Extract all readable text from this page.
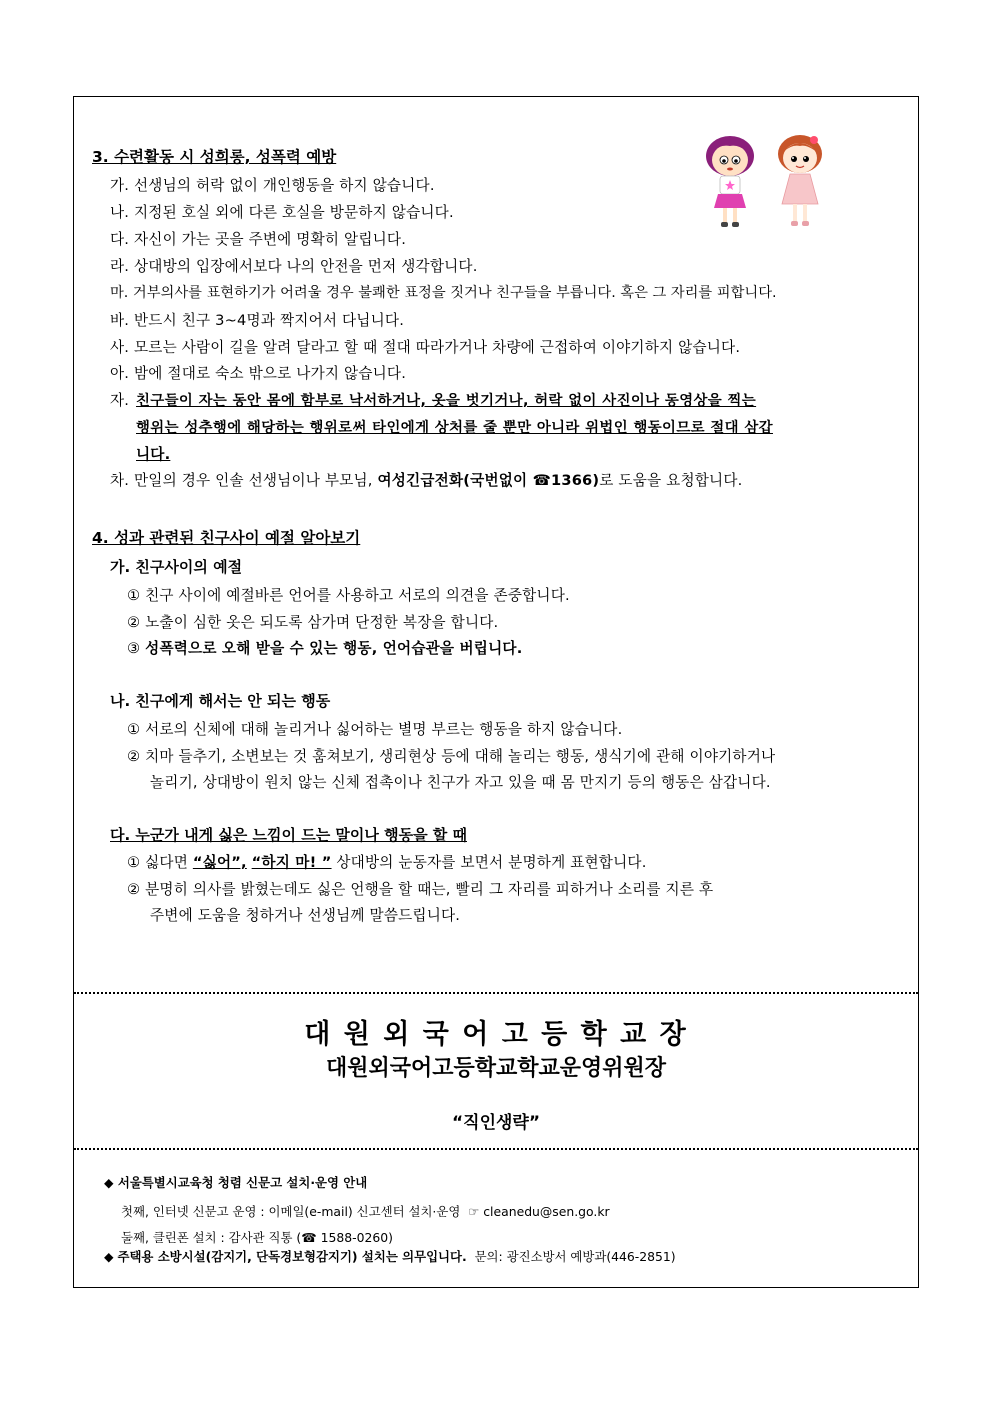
3. 수련활동 시 성희롱, 성폭력 예방
가. 선생님의 허락 없이 개인행동을 하지 않습니다.
나. 지정된 호실 외에 다른 호실을 방문하지 않습니다.
다. 자신이 가는 곳을 주변에 명확히 알립니다.
라. 상대방의 입장에서보다 나의 안전을 먼저 생각합니다.
마. 거부의사를 표현하기가 어려울 경우 불쾌한 표정을 짓거나 친구들을 부릅니다. 혹은 그 자리를 피합니다.
바. 반드시 친구 3~4명과 짝지어서 다닙니다.
사. 모르는 사람이 길을 알려 달라고 할 때 절대 따라가거나 차량에 근접하여 이야기하지 않습니다.
아. 밤에 절대로 숙소 밖으로 나가지 않습니다.
자. 친구들이 자는 동안 몸에 함부로 낙서하거나, 옷을 벗기거나, 허락 없이 사진이나 동영상을 찍는
행위는 성추행에 해당하는 행위로써 타인에게 상처를 줄 뿐만 아니라 위법인 행동이므로 절대 삼갑
니다.
차. 만일의 경우 인솔 선생님이나 부모님, 여성긴급전화(국번없이 ☎1366)로 도움을 요청합니다.
4. 성과 관련된 친구사이 예절 알아보기
가. 친구사이의 예절
① 친구 사이에 예절바른 언어를 사용하고 서로의 의견을 존중합니다.
② 노출이 심한 옷은 되도록 삼가며 단정한 복장을 합니다.
③ 성폭력으로 오해 받을 수 있는 행동, 언어습관을 버립니다.
나. 친구에게 해서는 안 되는 행동
① 서로의 신체에 대해 놀리거나 싫어하는 별명 부르는 행동을 하지 않습니다.
② 치마 들추기, 소변보는 것 훔쳐보기, 생리현상 등에 대해 놀리는 행동, 생식기에 관해 이야기하거나
놀리기, 상대방이 원치 않는 신체 접촉이나 친구가 자고 있을 때 몸 만지기 등의 행동은 삼갑니다.
다. 누군가 내게 싫은 느낌이 드는 말이나 행동을 할 때
① 싫다면 “싫어”, “하지 마! ” 상대방의 눈동자를 보면서 분명하게 표현합니다.
② 분명히 의사를 밝혔는데도 싫은 언행을 할 때는, 빨리 그 자리를 피하거나 소리를 지른 후
주변에 도움을 청하거나 선생님께 말씀드립니다.
대 원 외 국 어 고 등 학 교 장
대원외국어고등학교학교운영위원장
“직인생략”
◆ 서울특별시교육청 청렴 신문고 설치·운영 안내
첫째, 인터넷 신문고 운영 : 이메일(e-mail) 신고센터 설치·운영 ☞ cleanedu@sen.go.kr
둘째, 클린폰 설치 : 감사관 직통 (☎ 1588-0260)
◆ 주택용 소방시설(감지기, 단독경보형감지기) 설치는 의무입니다. 문의: 광진소방서 예방과(446-2851)
